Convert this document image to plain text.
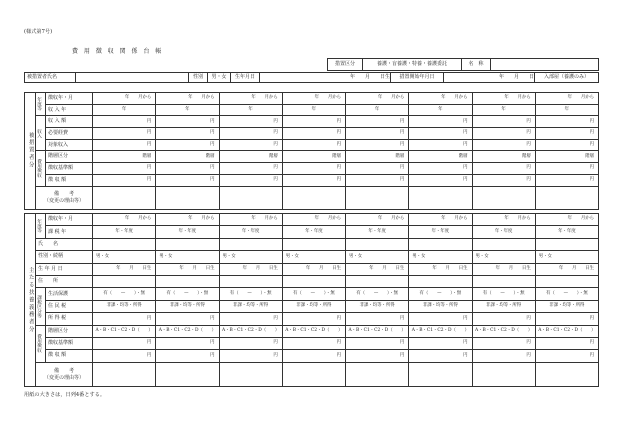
(様式第7号)
費 用 徴 収 関 係 台 帳
措置区分	養護・盲養護・特養・養護委託	名　称	
被措置者氏名		性別	男・女	生年月日	年　　月　　日生	措置開始年月日	年　　月　　日	入部屋（養護のみ）
被措置者分	年度等	徴収年・月	年　　月から	年　　月から	年　　月から	年　　月から	年　　月から	年　　月から	年　　月から	年　　月から
		収 入 年	年	年	年	年	年	年	年	年

	収入	収 入 額	円	円	円	円	円	円	円	円
		必要経費	円	円	円	円	円	円	円	円
		対象収入	円	円	円	円	円	円	円	円

	費用徴収	階層区分	階層	階層	階層	階層	階層	階層	階層	階層
		徴収基準額	円	円	円	円	円	円	円	円
		徴 収 額	円	円	円	円	円	円	円	円

	備　　考
（変更の理由等）									

主たる扶養義務者分	年度等	徴収年・月	年　　月から	年　　月から	年　　月から	年　　月から	年　　月から	年　　月から	年　　月から	年　　月から
		課 税 年	年・年度	年・年度	年・年度	年・年度	年・年度	年・年度	年・年度	年・年度
	氏　　名									
	性別・続柄		男・女	男・女	男・女	男・女	男・女	男・女	男・女	男・女
	生 年 月 日		年　　月　　日生	年　　月　　日生	年　　月　　日生	年　　月　　日生	年　　月　　日生	年　　月　　日生	年　　月　　日生	年　　月　　日生
	住　　所									

	課税区分等	生活保護	有（　　—　　）・無	有（　　—　　）・無	有（　　—　　）・無	有（　　—　　）・無	有（　　—　　）・無	有（　　—　　）・無	有（　　—　　）・無	有（　　—　　）・無
		住 民 税	非課・均等・所得	非課・均等・所得	非課・均等・所得	非課・均等・所得	非課・均等・所得	非課・均等・所得	非課・均等・所得	非課・均等・所得
		所 得 税	円	円	円	円	円	円	円	円

	費用徴収	階層区分	A・B・C1・C2・D（　　）	A・B・C1・C2・D（　　）	A・B・C1・C2・D（　　）	A・B・C1・C2・D（　　）	A・B・C1・C2・D（　　）	A・B・C1・C2・D（　　）	A・B・C1・C2・D（　　）	A・B・C1・C2・D（　　）
		徴収基準額	円	円	円	円	円	円	円	円
		徴 収 額	円	円	円	円	円	円	円	円

	備　　考
（変更の理由等）									

用紙の大きさは，日列4番とする。
